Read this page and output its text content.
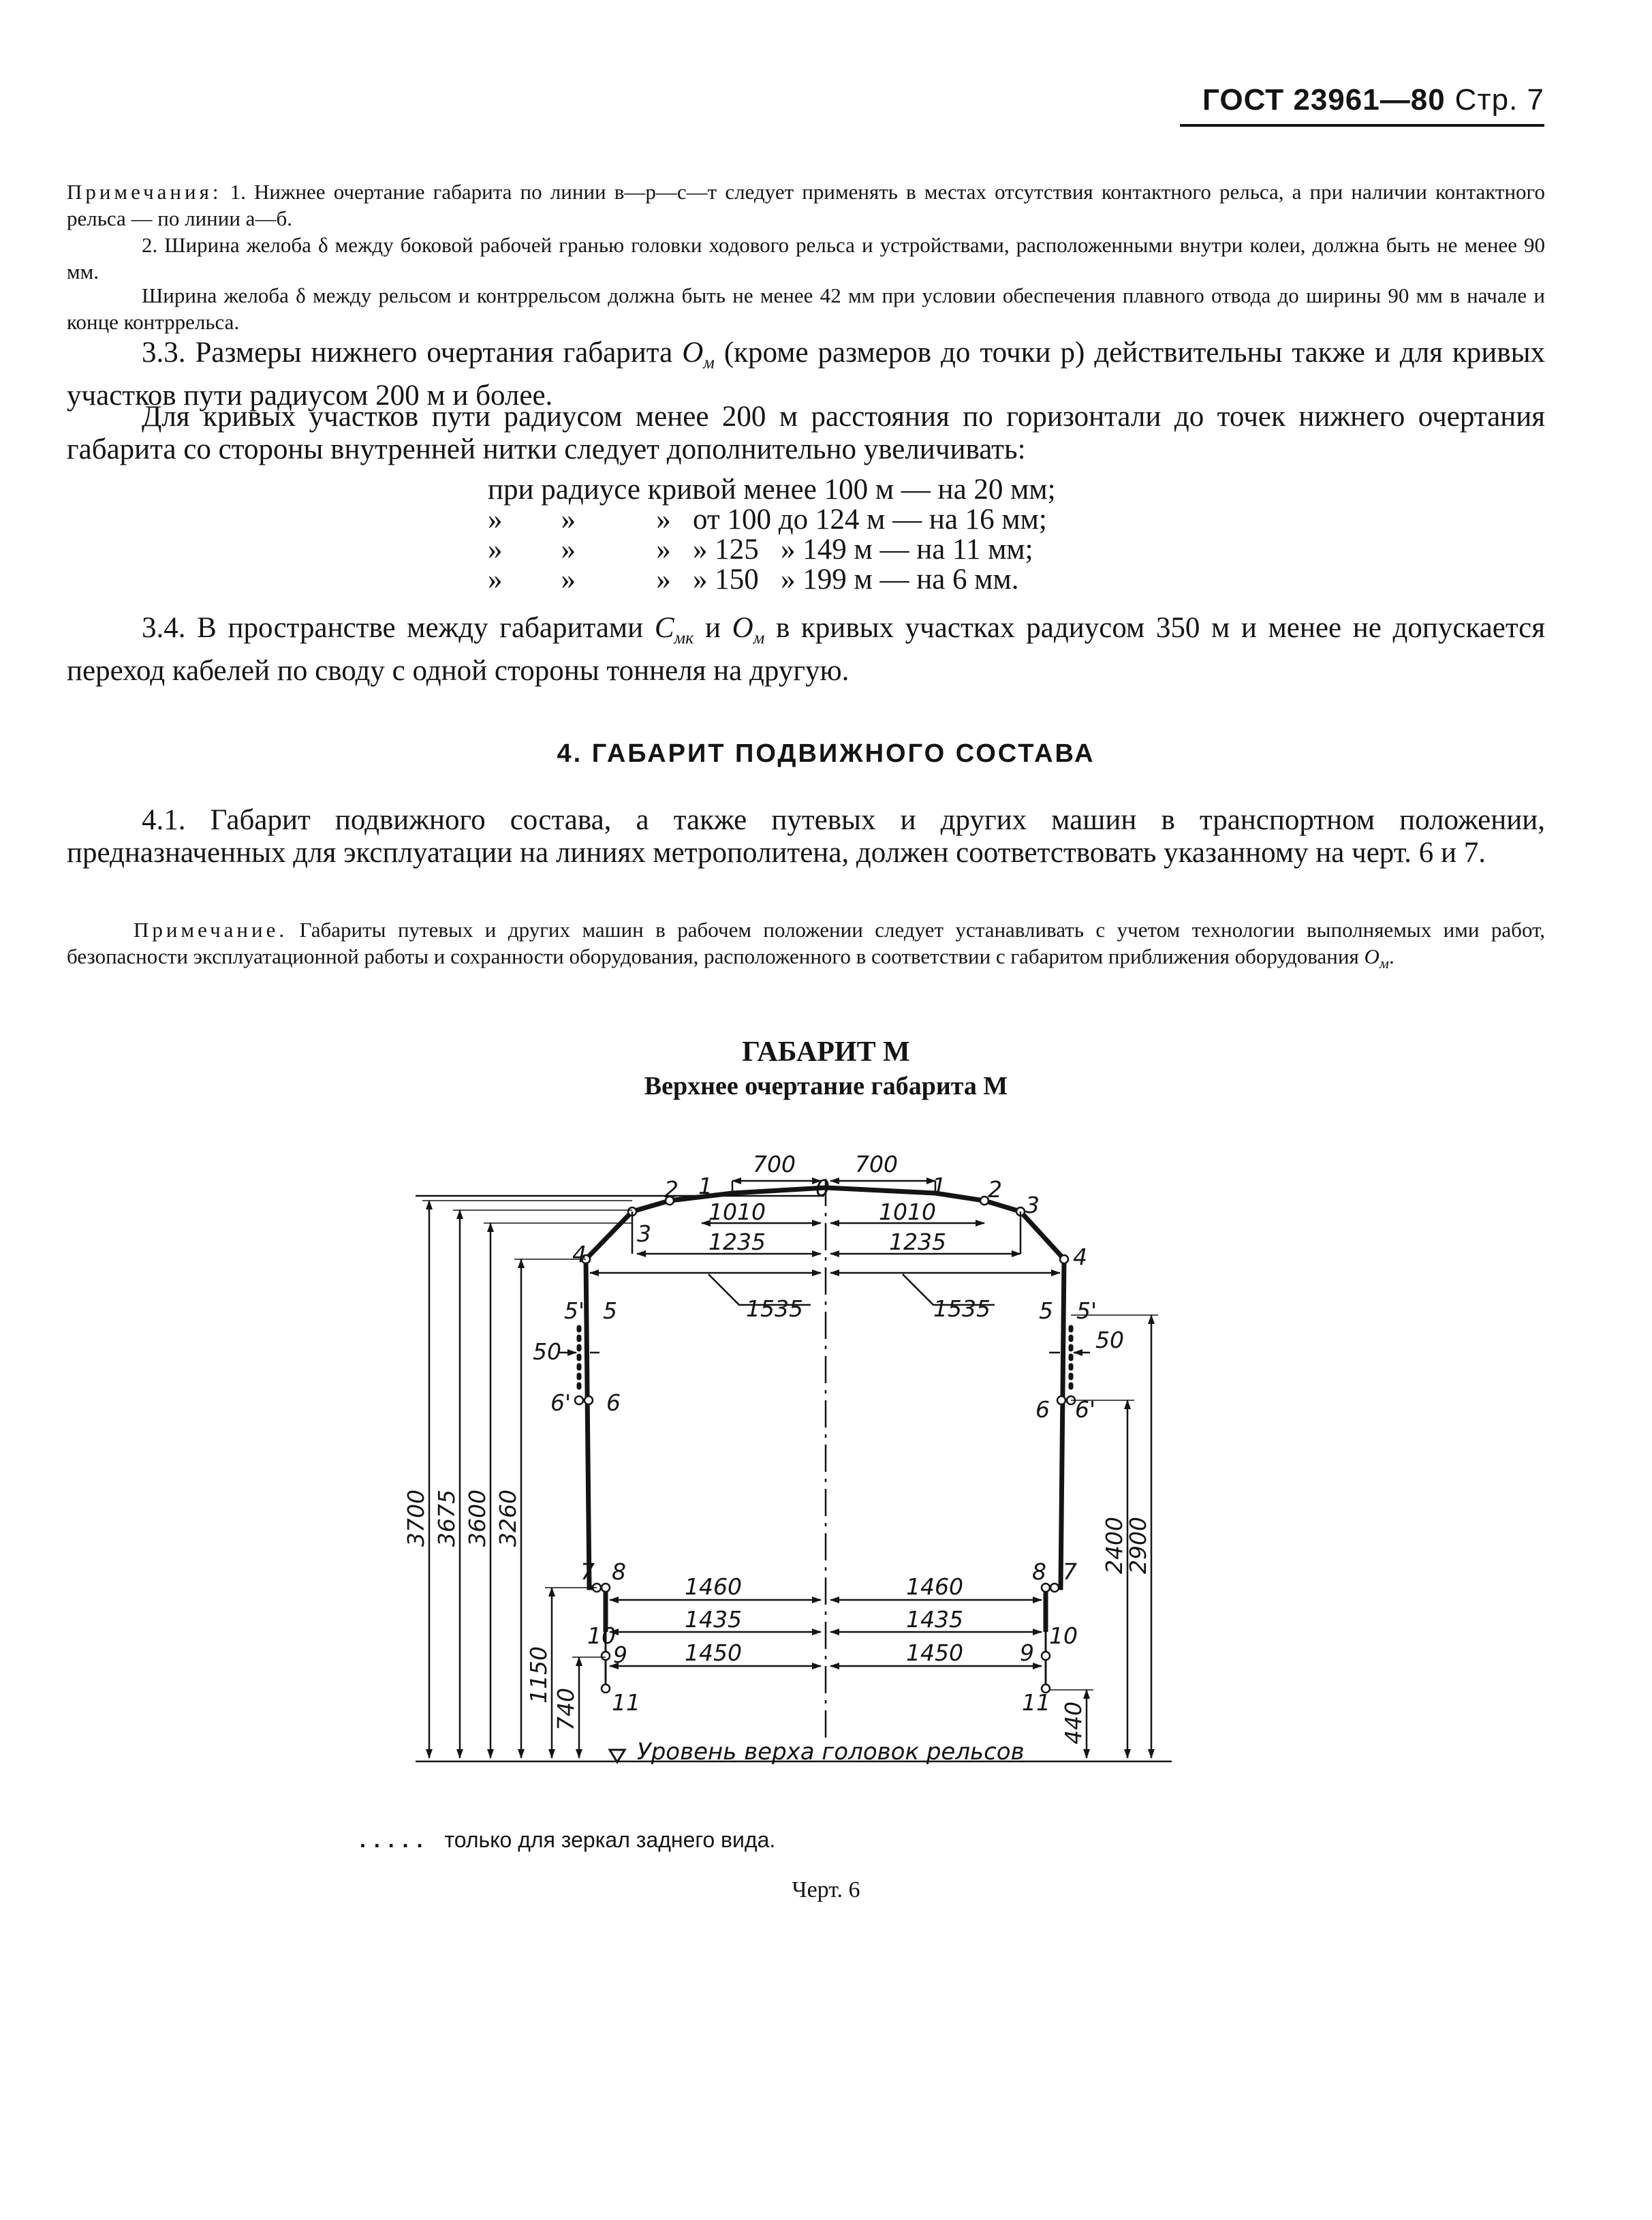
ГОСТ 23961—80 Стр. 7
Примечания: 1. Нижнее очертание габарита по линии в—р—с—т следует применять в местах отсутствия контактного рельса, а при наличии контактного рельса — по линии а—б.
2. Ширина желоба δ между боковой рабочей гранью головки ходового рельса и устройствами, расположенными внутри колеи, должна быть не менее 90 мм.
Ширина желоба δ между рельсом и контррельсом должна быть не менее 42 мм при условии обеспечения плавного отвода до ширины 90 мм в начале и конце контррельса.
3.3. Размеры нижнего очертания габарита $O_м$ (кроме размеров до точки р) действительны также и для кривых участков пути радиусом 200 м и более.
Для кривых участков пути радиусом менее 200 м расстояния по горизонтали до точек нижнего очертания габарита со стороны внутренней нитки следует дополнительно увеличивать:
при радиусе кривой менее 100 м — на 20 мм;
»        »           »   от 100 до 124 м — на 16 мм;
»        »           »   » 125   » 149 м — на 11 мм;
»        »           »   » 150   » 199 м — на 6 мм.
3.4. В пространстве между габаритами $C_{мк}$ и $O_м$ в кривых участках радиусом 350 м и менее не допускается переход кабелей по своду с одной стороны тоннеля на другую.
4. ГАБАРИТ ПОДВИЖНОГО СОСТАВА
4.1. Габарит подвижного состава, а также путевых и других машин в транспортном положении, предназначенных для эксплуатации на линиях метрополитена, должен соответствовать указанному на черт. 6 и 7.
Примечание. Габариты путевых и других машин в рабочем положении следует устанавливать с учетом технологии выполняемых ими работ, безопасности эксплуатационной работы и сохранности оборудования, расположенного в соответствии с габаритом приближения оборудования $O_м$.
ГАБАРИТ М
Верхнее очертание габарита М
700	700
1010	1010
1235	1235
1535	1535
50	50
1460	1460
1435	1435
1450	1450
3700 3675 3600 3260
1150
740
2400
2900
440
0
1
2
3
4
5' 5
6' 6
7 8
10
9
11
1 2
3
4
5 5'
6 6'
8 7
10
9
11
Уровень верха головок рельсов
..... только для зеркал заднего вида.
Черт. 6
